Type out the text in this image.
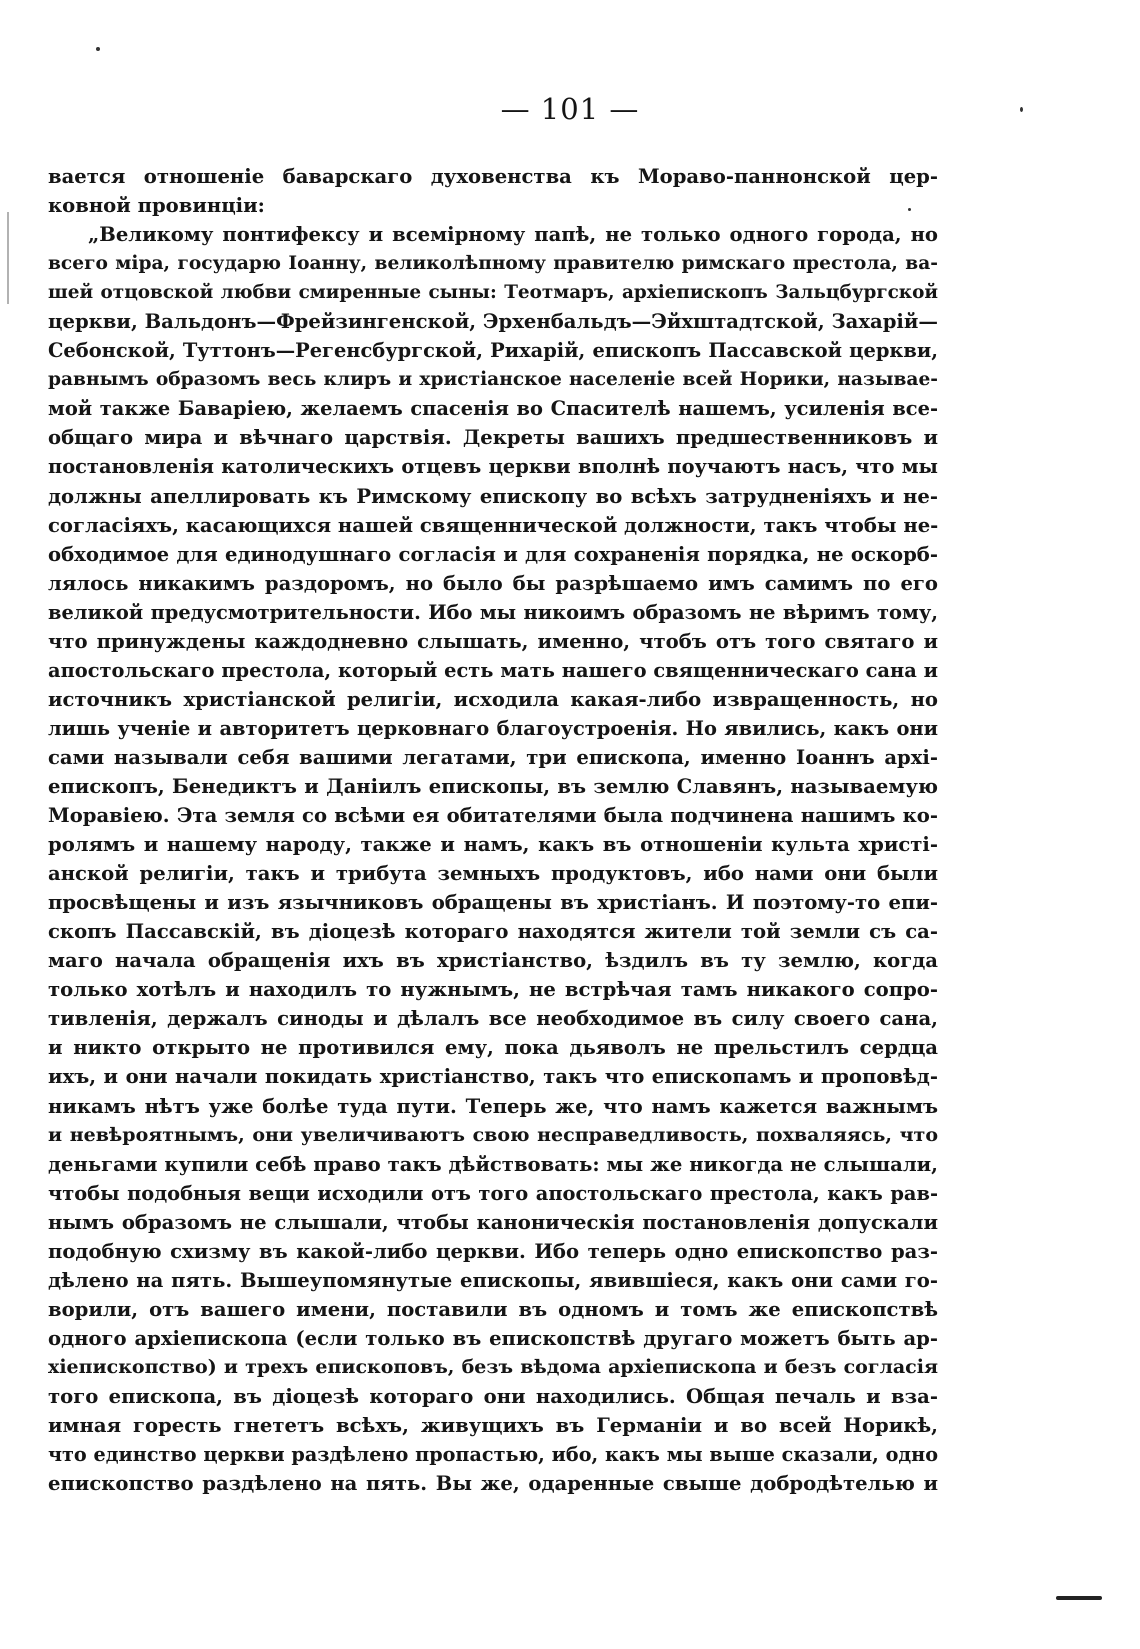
— 101 —
вается отношеніе баварскаго духовенства къ Мораво-паннонской цер-
ковной провинціи:
„Великому понтифексу и всемірному папѣ, не только одного города, но
всего міра, государю Іоанну, великолѣпному правителю римскаго престола, ва-
шей отцовской любви смиренные сыны: Теотмаръ, архіепископъ Зальцбургской
церкви, Вальдонъ—Фрейзингенской, Эрхенбальдъ—Эйхштадтской, Захарій—
Себонской, Туттонъ—Регенсбургской, Рихарій, епископъ Пассавской церкви,
равнымъ образомъ весь клиръ и христіанское населеніе всей Норики, называе-
мой также Баваріею, желаемъ спасенія во Спасителѣ нашемъ, усиленія все-
общаго мира и вѣчнаго царствія. Декреты вашихъ предшественниковъ и
постановленія католическихъ отцевъ церкви вполнѣ поучаютъ насъ, что мы
должны апеллировать къ Римскому епископу во всѣхъ затрудненіяхъ и не-
согласіяхъ, касающихся нашей священнической должности, такъ чтобы не-
обходимое для единодушнаго согласія и для сохраненія порядка, не оскорб-
лялось никакимъ раздоромъ, но было бы разрѣшаемо имъ самимъ по его
великой предусмотрительности. Ибо мы никоимъ образомъ не вѣримъ тому,
что принуждены каждодневно слышать, именно, чтобъ отъ того святаго и
апостольскаго престола, который есть мать нашего священническаго сана и
источникъ христіанской религіи, исходила какая-либо извращенность, но
лишь ученіе и авторитетъ церковнаго благоустроенія. Но явились, какъ они
сами называли себя вашими легатами, три епископа, именно Іоаннъ архі-
епископъ, Бенедиктъ и Даніилъ епископы, въ землю Славянъ, называемую
Моравіею. Эта земля со всѣми ея обитателями была подчинена нашимъ ко-
ролямъ и нашему народу, также и намъ, какъ въ отношеніи культа христі-
анской религіи, такъ и трибута земныхъ продуктовъ, ибо нами они были
просвѣщены и изъ язычниковъ обращены въ христіанъ. И поэтому-то епи-
скопъ Пассавскій, въ діоцезѣ котораго находятся жители той земли съ са-
маго начала обращенія ихъ въ христіанство, ѣздилъ въ ту землю, когда
только хотѣлъ и находилъ то нужнымъ, не встрѣчая тамъ никакого сопро-
тивленія, держалъ синоды и дѣлалъ все необходимое въ силу своего сана,
и никто открыто не противился ему, пока дьяволъ не прельстилъ сердца
ихъ, и они начали покидать христіанство, такъ что епископамъ и проповѣд-
никамъ нѣтъ уже болѣе туда пути. Теперь же, что намъ кажется важнымъ
и невѣроятнымъ, они увеличиваютъ свою несправедливость, похваляясь, что
деньгами купили себѣ право такъ дѣйствовать: мы же никогда не слышали,
чтобы подобныя вещи исходили отъ того апостольскаго престола, какъ рав-
нымъ образомъ не слышали, чтобы каноническія постановленія допускали
подобную схизму въ какой-либо церкви. Ибо теперь одно епископство раз-
дѣлено на пять. Вышеупомянутые епископы, явившіеся, какъ они сами го-
ворили, отъ вашего имени, поставили въ одномъ и томъ же епископствѣ
одного архіепископа (если только въ епископствѣ другаго можетъ быть ар-
хіепископство) и трехъ епископовъ, безъ вѣдома архіепископа и безъ согласія
того епископа, въ діоцезѣ котораго они находились. Общая печаль и вза-
имная горесть гнететъ всѣхъ, живущихъ въ Германіи и во всей Норикѣ,
что единство церкви раздѣлено пропастью, ибо, какъ мы выше сказали, одно
епископство раздѣлено на пять. Вы же, одаренные свыше добродѣтелью и
